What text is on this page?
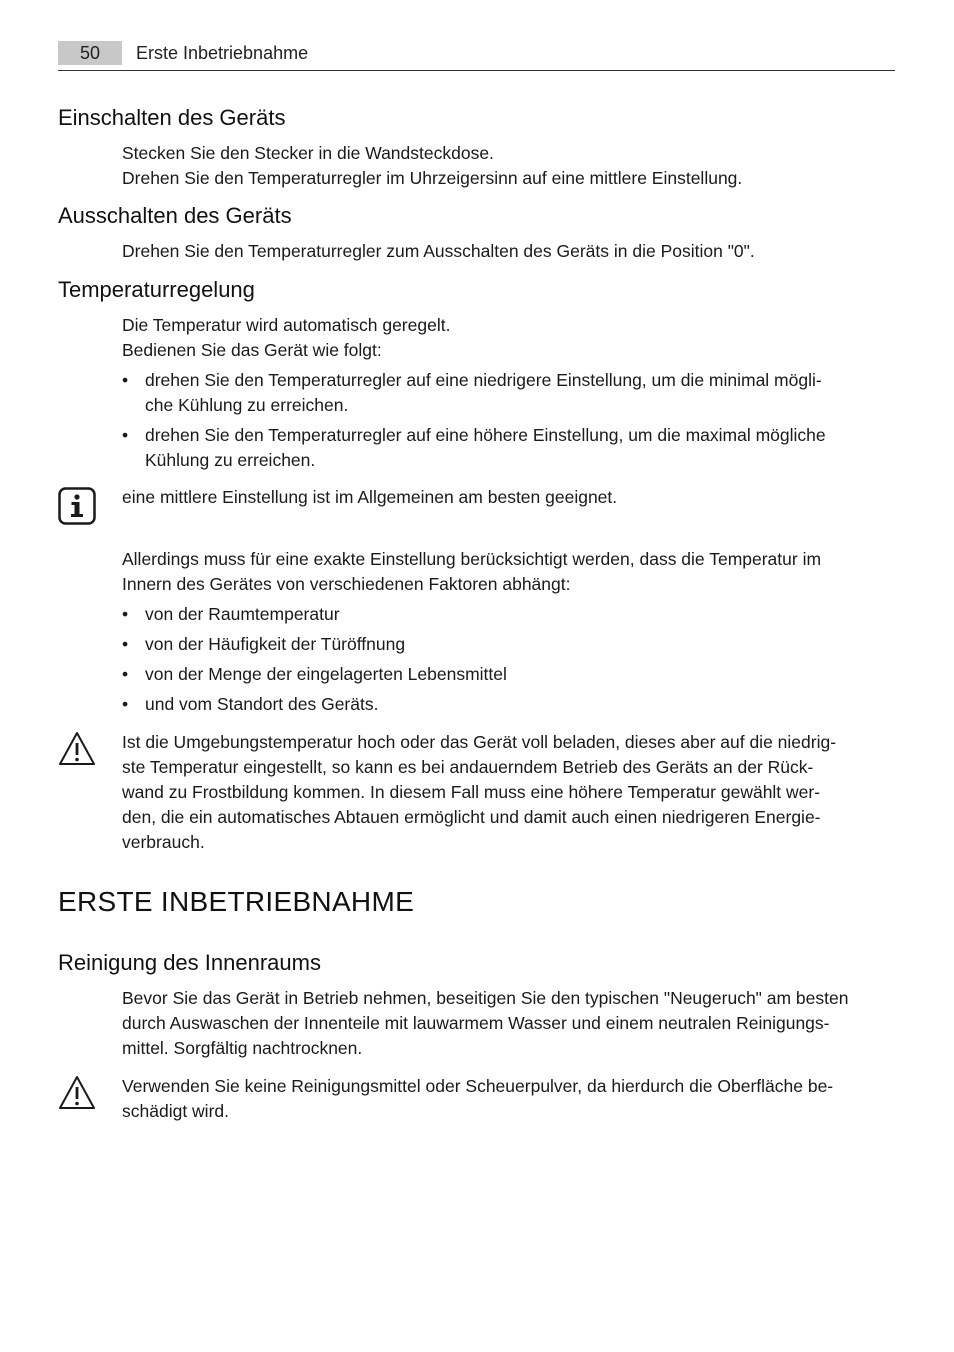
50	Erste Inbetriebnahme
Einschalten des Geräts
Stecken Sie den Stecker in die Wandsteckdose.
Drehen Sie den Temperaturregler im Uhrzeigersinn auf eine mittlere Einstellung.
Ausschalten des Geräts
Drehen Sie den Temperaturregler zum Ausschalten des Geräts in die Position "0".
Temperaturregelung
Die Temperatur wird automatisch geregelt.
Bedienen Sie das Gerät wie folgt:
• drehen Sie den Temperaturregler auf eine niedrigere Einstellung, um die minimal mögli-
che Kühlung zu erreichen.
• drehen Sie den Temperaturregler auf eine höhere Einstellung, um die maximal mögliche
Kühlung zu erreichen.
eine mittlere Einstellung ist im Allgemeinen am besten geeignet.
Allerdings muss für eine exakte Einstellung berücksichtigt werden, dass die Temperatur im
Innern des Gerätes von verschiedenen Faktoren abhängt:
• von der Raumtemperatur
• von der Häufigkeit der Türöffnung
• von der Menge der eingelagerten Lebensmittel
• und vom Standort des Geräts.
Ist die Umgebungstemperatur hoch oder das Gerät voll beladen, dieses aber auf die niedrig-
ste Temperatur eingestellt, so kann es bei andauerndem Betrieb des Geräts an der Rück-
wand zu Frostbildung kommen. In diesem Fall muss eine höhere Temperatur gewählt wer-
den, die ein automatisches Abtauen ermöglicht und damit auch einen niedrigeren Energie-
verbrauch.
ERSTE INBETRIEBNAHME
Reinigung des Innenraums
Bevor Sie das Gerät in Betrieb nehmen, beseitigen Sie den typischen "Neugeruch" am besten
durch Auswaschen der Innenteile mit lauwarmem Wasser und einem neutralen Reinigungs-
mittel. Sorgfältig nachtrocknen.
Verwenden Sie keine Reinigungsmittel oder Scheuerpulver, da hierdurch die Oberfläche be-
schädigt wird.
